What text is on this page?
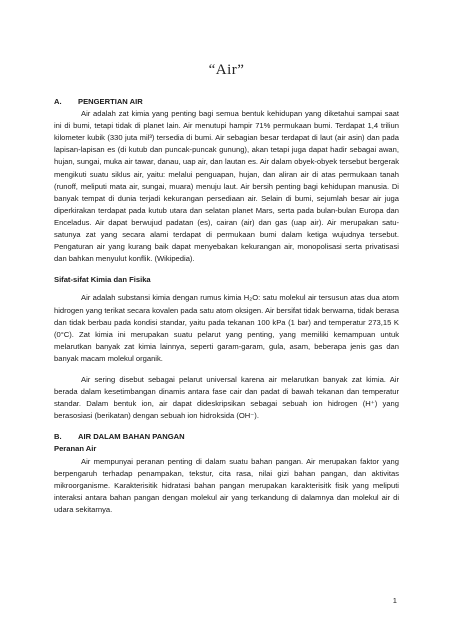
“Air”
A. PENGERTIAN AIR

Air adalah zat kimia yang penting bagi semua bentuk kehidupan yang diketahui sampai saat ini di bumi, tetapi tidak di planet lain. Air menutupi hampir 71% permukaan bumi. Terdapat 1,4 triliun kilometer kubik (330 juta mil³) tersedia di bumi. Air sebagian besar terdapat di laut (air asin) dan pada lapisan-lapisan es (di kutub dan puncak-puncak gunung), akan tetapi juga dapat hadir sebagai awan, hujan, sungai, muka air tawar, danau, uap air, dan lautan es. Air dalam obyek-obyek tersebut bergerak mengikuti suatu siklus air, yaitu: melalui penguapan, hujan, dan aliran air di atas permukaan tanah (runoff, meliputi mata air, sungai, muara) menuju laut. Air bersih penting bagi kehidupan manusia. Di banyak tempat di dunia terjadi kekurangan persediaan air. Selain di bumi, sejumlah besar air juga diperkirakan terdapat pada kutub utara dan selatan planet Mars, serta pada bulan-bulan Europa dan Enceladus. Air dapat berwujud padatan (es), cairan (air) dan gas (uap air). Air merupakan satu-satunya zat yang secara alami terdapat di permukaan bumi dalam ketiga wujudnya tersebut. Pengaturan air yang kurang baik dapat menyebakan kekurangan air, monopolisasi serta privatisasi dan bahkan menyulut konflik. (Wikipedia).

Sifat-sifat Kimia dan Fisika

Air adalah substansi kimia dengan rumus kimia H₂O: satu molekul air tersusun atas dua atom hidrogen yang terikat secara kovalen pada satu atom oksigen. Air bersifat tidak berwarna, tidak berasa dan tidak berbau pada kondisi standar, yaitu pada tekanan 100 kPa (1 bar) and temperatur 273,15 K (0°C). Zat kimia ini merupakan suatu pelarut yang penting, yang memiliki kemampuan untuk melarutkan banyak zat kimia lainnya, seperti garam-garam, gula, asam, beberapa jenis gas dan banyak macam molekul organik.

Air sering disebut sebagai pelarut universal karena air melarutkan banyak zat kimia. Air berada dalam kesetimbangan dinamis antara fase cair dan padat di bawah tekanan dan temperatur standar. Dalam bentuk ion, air dapat dideskripsikan sebagai sebuah ion hidrogen (H⁺) yang berasosiasi (berikatan) dengan sebuah ion hidroksida (OH⁻).

B. AIR DALAM BAHAN PANGAN
Peranan Air

Air mempunyai peranan penting di dalam suatu bahan pangan. Air merupakan faktor yang berpengaruh terhadap penampakan, tekstur, cita rasa, nilai gizi bahan pangan, dan aktivitas mikroorganisme. Karakterisitik hidratasi bahan pangan merupakan karakterisitk fisik yang meliputi interaksi antara bahan pangan dengan molekul air yang terkandung di dalamnya dan molekul air di udara sekitarnya.

1
